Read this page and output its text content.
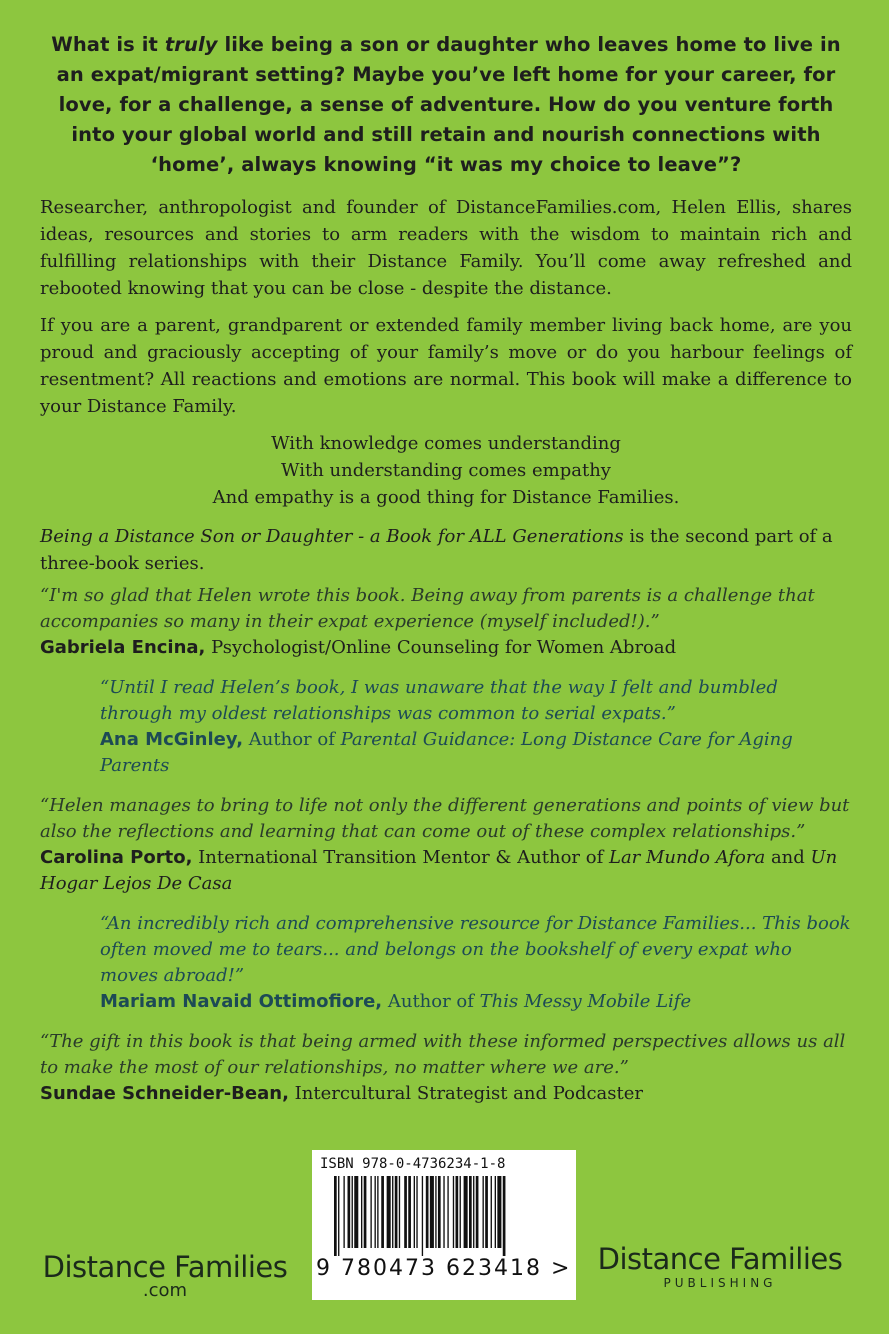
What is it truly like being a son or daughter who leaves home to live in an expat/migrant setting? Maybe you’ve left home for your career, for love, for a challenge, a sense of adventure. How do you venture forth into your global world and still retain and nourish connections with ‘home’, always knowing “it was my choice to leave”?

Researcher, anthropologist and founder of DistanceFamilies.com, Helen Ellis, shares ideas, resources and stories to arm readers with the wisdom to maintain rich and fulfilling relationships with their Distance Family. You’ll come away refreshed and rebooted knowing that you can be close - despite the distance.

If you are a parent, grandparent or extended family member living back home, are you proud and graciously accepting of your family’s move or do you harbour feelings of resentment? All reactions and emotions are normal. This book will make a difference to your Distance Family.

With knowledge comes understanding
With understanding comes empathy
And empathy is a good thing for Distance Families.

Being a Distance Son or Daughter - a Book for ALL Generations is the second part of a three-book series.

“I'm so glad that Helen wrote this book. Being away from parents is a challenge that accompanies so many in their expat experience (myself included!).”
Gabriela Encina, Psychologist/Online Counseling for Women Abroad
“Until I read Helen’s book, I was unaware that the way I felt and bumbled through my oldest relationships was common to serial expats.”
Ana McGinley, Author of Parental Guidance: Long Distance Care for Aging Parents
“Helen manages to bring to life not only the different generations and points of view but also the reflections and learning that can come out of these complex relationships.”
Carolina Porto, International Transition Mentor & Author of Lar Mundo Afora and Un Hogar Lejos De Casa
“An incredibly rich and comprehensive resource for Distance Families... This book often moved me to tears... and belongs on the bookshelf of every expat who moves abroad!”
Mariam Navaid Ottimofiore, Author of This Messy Mobile Life
“The gift in this book is that being armed with these informed perspectives allows us all to make the most of our relationships, no matter where we are.”
Sundae Schneider-Bean, Intercultural Strategist and Podcaster
ISBN 978-0-4736234-1-8
9 780473 623418 >
Distance Families
.com
Distance Families
PUBLISHING
